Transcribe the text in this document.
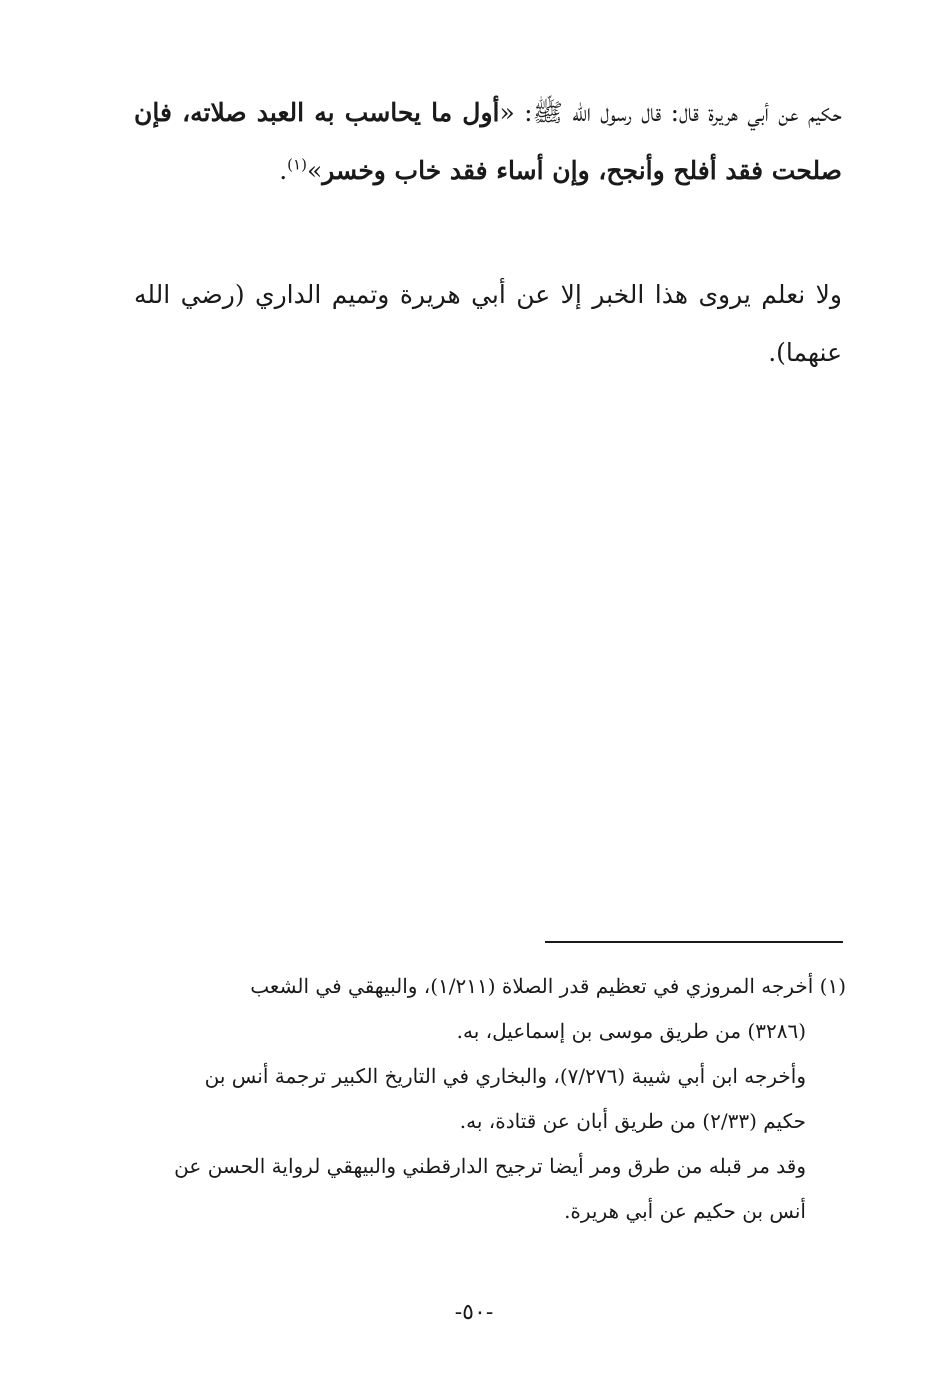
حكيم عن أبي هريرة قال: قال رسول الله ﷺ: «أول ما يحاسب به العبد صلاته، فإن صلحت فقد أفلح وأنجح، وإن أساء فقد خاب وخسر»$^{(١)}$.

ولا نعلم يروى هذا الخبر إلا عن أبي هريرة وتميم الداري (رضي الله عنهما).

(١) أخرجه المروزي في تعظيم قدر الصلاة (١/٢١١)، والبيهقي في الشعب
(٣٢٨٦) من طريق موسى بن إسماعيل، به.
وأخرجه ابن أبي شيبة (٧/٢٧٦)، والبخاري في التاريخ الكبير ترجمة أنس بن
حكيم (٢/٣٣) من طريق أبان عن قتادة، به.
وقد مر قبله من طرق ومر أيضا ترجيح الدارقطني والبيهقي لرواية الحسن عن
أنس بن حكيم عن أبي هريرة.
-٥٠-
